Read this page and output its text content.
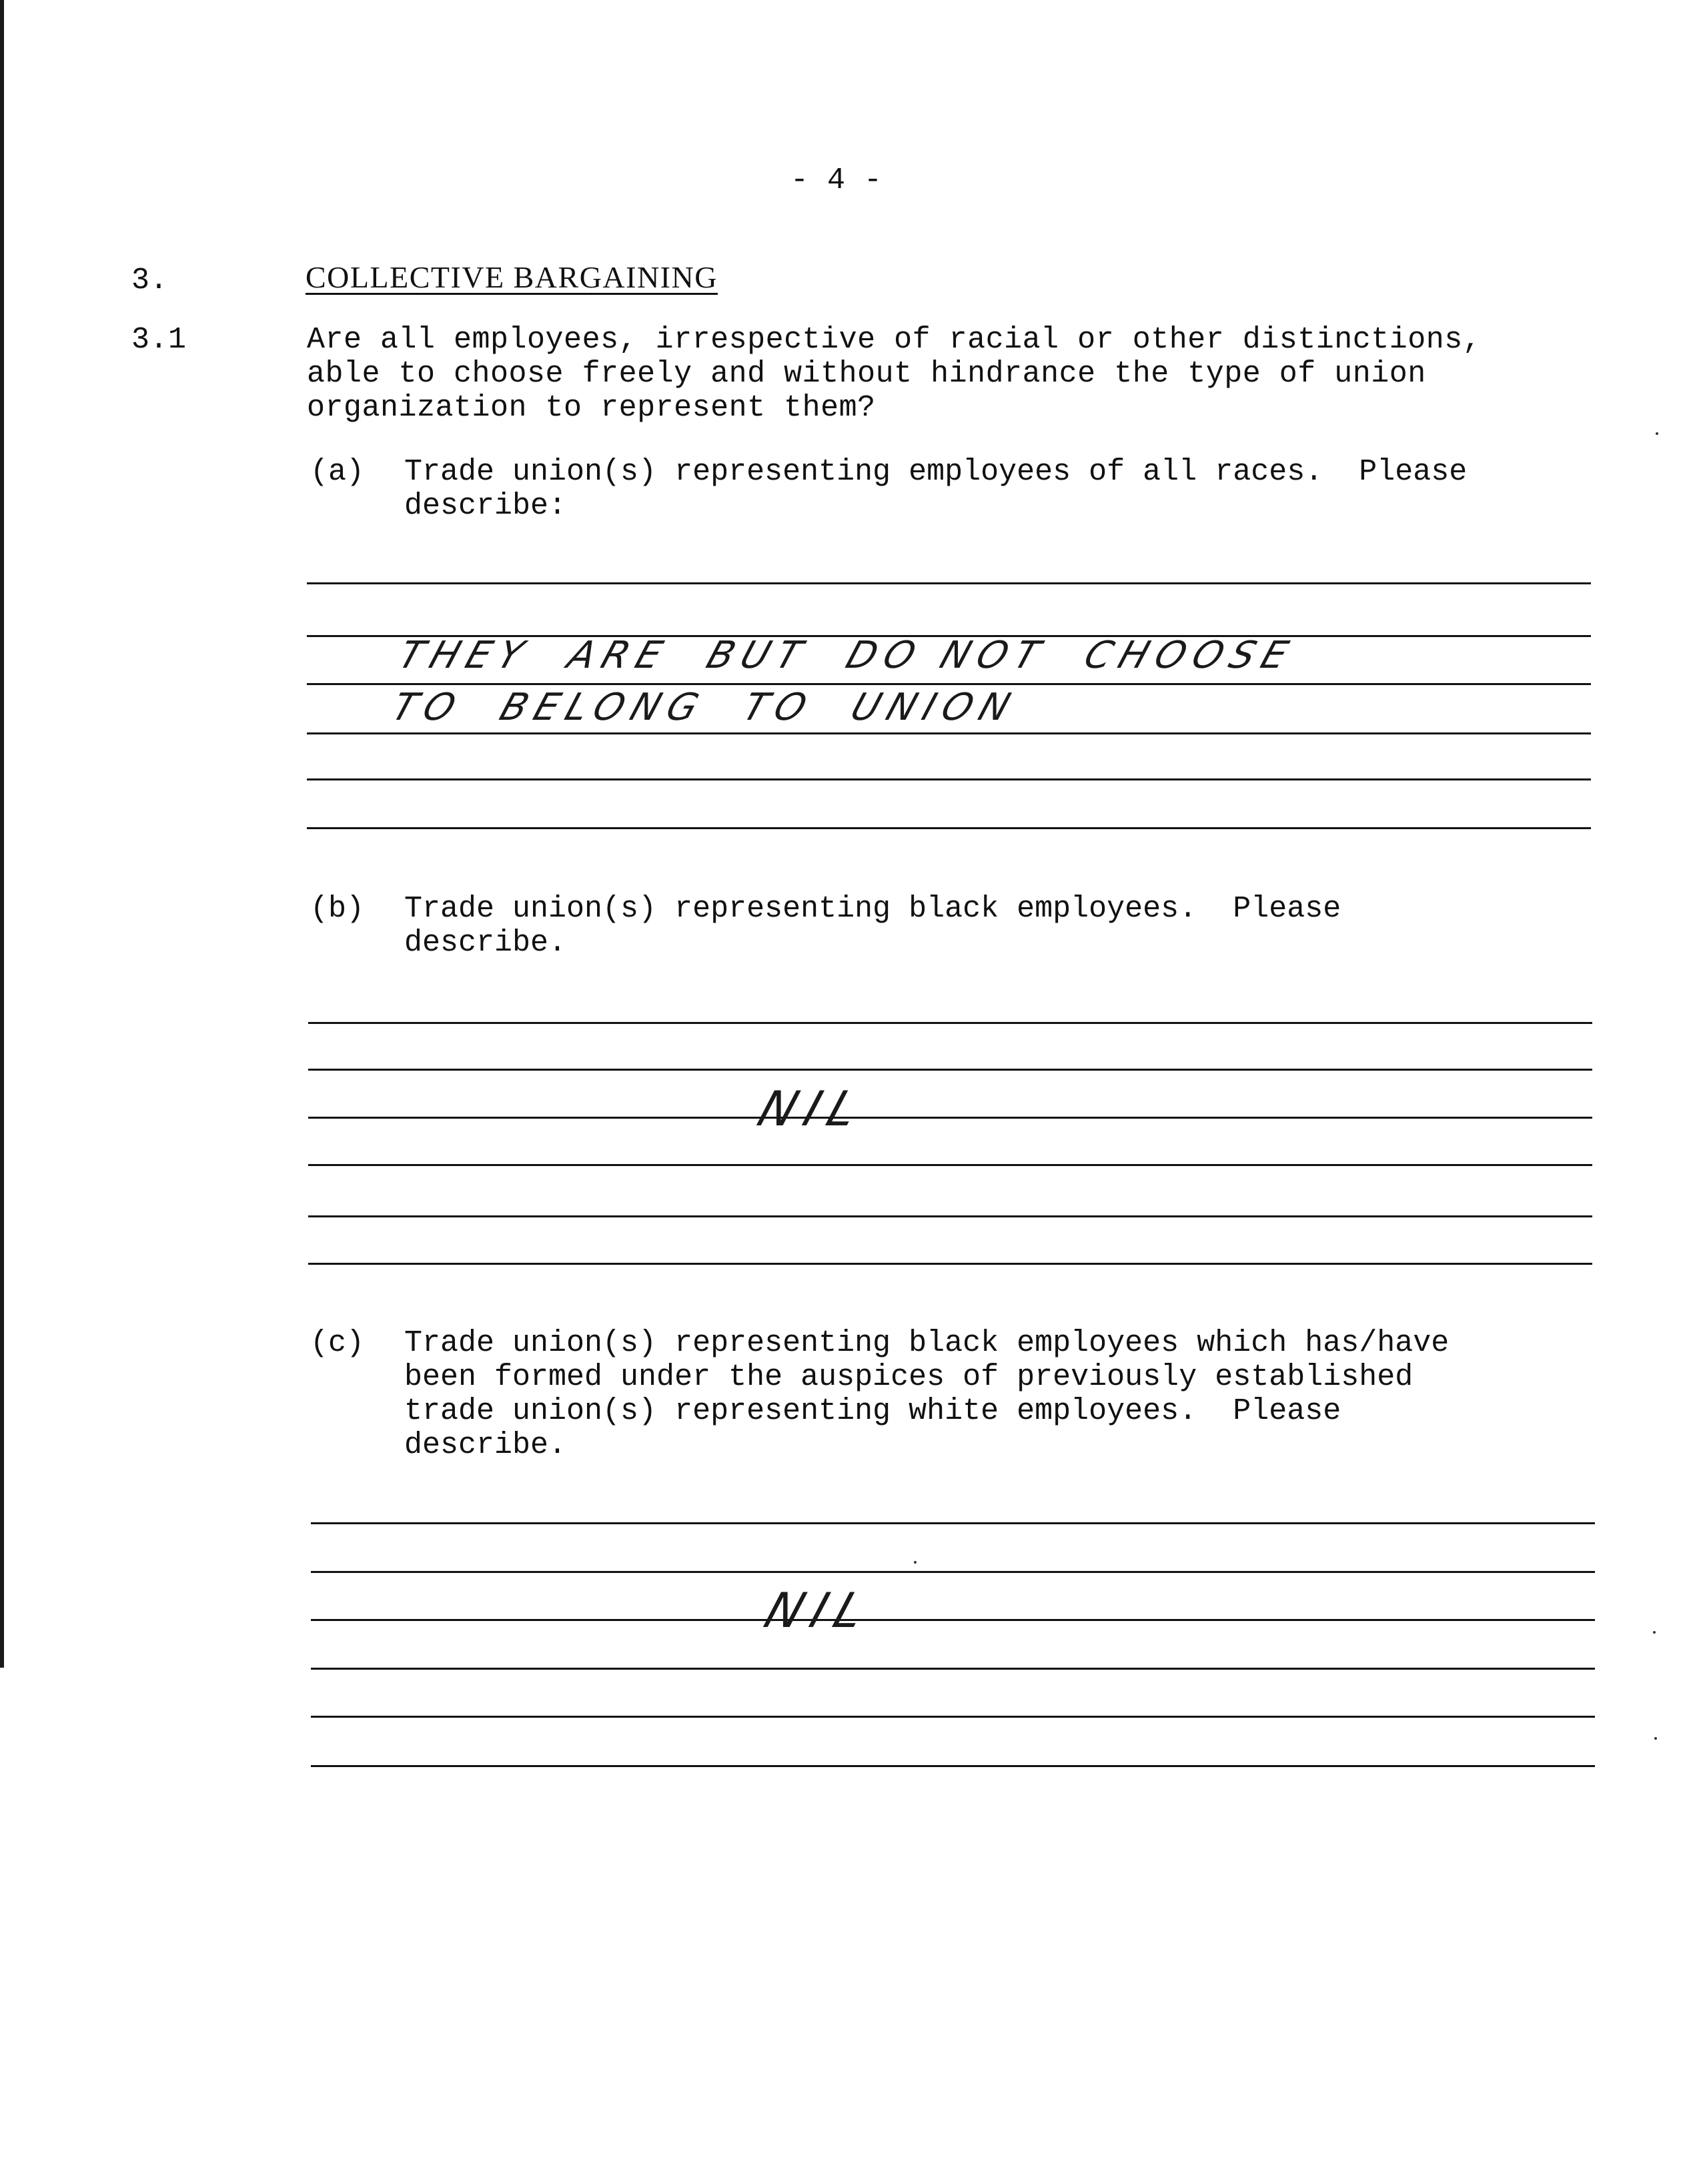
- 4 -
3.	COLLECTIVE BARGAINING
3.1	Are all employees, irrespective of racial or other distinctions,
able to choose freely and without hindrance the type of union
organization to represent them?
(a) Trade union(s) representing employees of all races.  Please
describe:
THEY  ARE  BUT  DO NOT  CHOOSE
TO  BELONG  TO  UNION
(b) Trade union(s) representing black employees.  Please
describe.
NIL
(c) Trade union(s) representing black employees which has/have
been formed under the auspices of previously established
trade union(s) representing white employees.  Please
describe.
NIL
